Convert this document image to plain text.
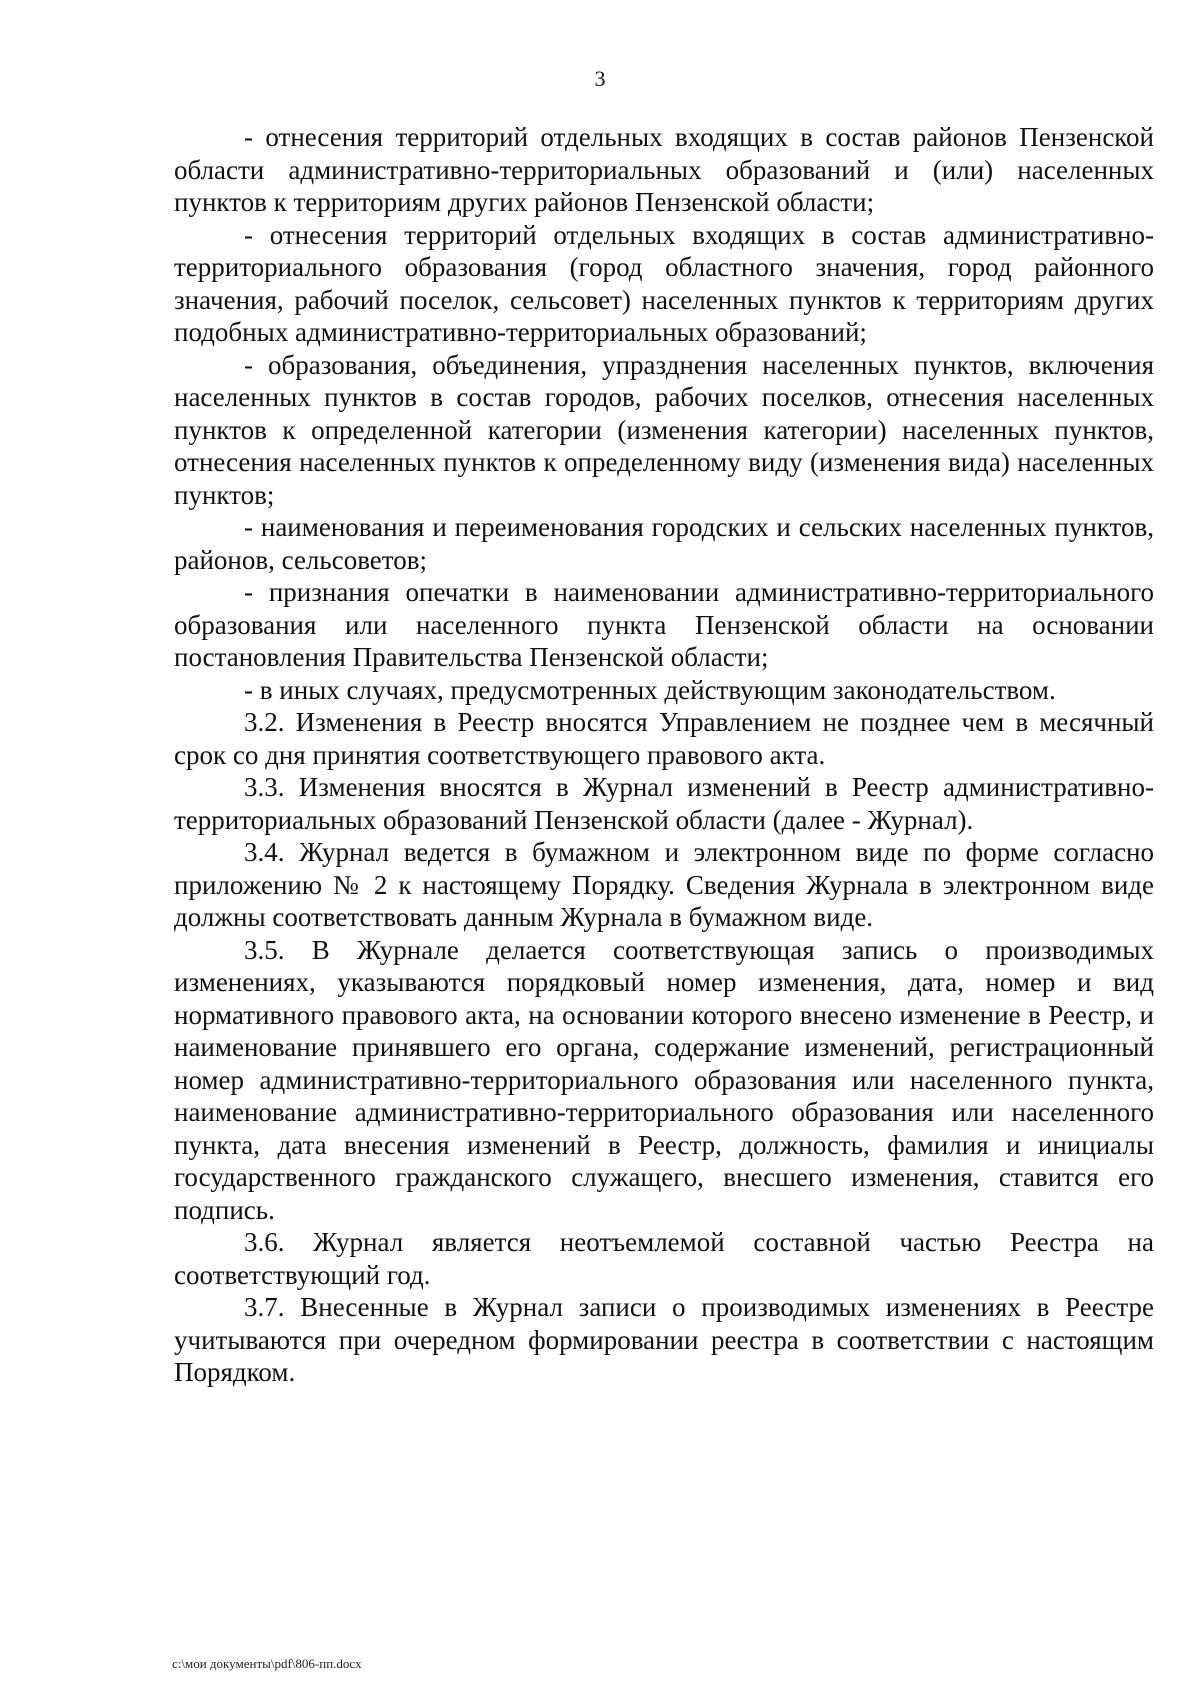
3

- отнесения территорий отдельных входящих в состав районов Пензенской области административно-территориальных образований и (или) населенных пунктов к территориям других районов Пензенской области;

- отнесения территорий отдельных входящих в состав административно-территориального образования (город областного значения, город районного значения, рабочий поселок, сельсовет) населенных пунктов к территориям других подобных административно-территориальных образований;

- образования, объединения, упразднения населенных пунктов, включения населенных пунктов в состав городов, рабочих поселков, отнесения населенных пунктов к определенной категории (изменения категории) населенных пунктов, отнесения населенных пунктов к определенному виду (изменения вида) населенных пунктов;

- наименования и переименования городских и сельских населенных пунктов, районов, сельсоветов;

- признания опечатки в наименовании административно-территориального образования или населенного пункта Пензенской области на основании постановления Правительства Пензенской области;

- в иных случаях, предусмотренных действующим законодательством.

3.2. Изменения в Реестр вносятся Управлением не позднее чем в месячный срок со дня принятия соответствующего правового акта.

3.3. Изменения вносятся в Журнал изменений в Реестр административно-территориальных образований Пензенской области (далее - Журнал).

3.4. Журнал ведется в бумажном и электронном виде по форме согласно приложению № 2 к настоящему Порядку. Сведения Журнала в электронном виде должны соответствовать данным Журнала в бумажном виде.

3.5. В Журнале делается соответствующая запись о производимых изменениях, указываются порядковый номер изменения, дата, номер и вид нормативного правового акта, на основании которого внесено изменение в Реестр, и наименование принявшего его органа, содержание изменений, регистрационный номер административно-территориального образования или населенного пункта, наименование административно-территориального образования или населенного пункта, дата внесения изменений в Реестр, должность, фамилия и инициалы государственного гражданского служащего, внесшего изменения, ставится его подпись.

3.6. Журнал является неотъемлемой составной частью Реестра на соответствующий год.

3.7. Внесенные в Журнал записи о производимых изменениях в Реестре учитываются при очередном формировании реестра в соответствии с настоящим Порядком.

c:\мои документы\pdf\806-пп.docx
